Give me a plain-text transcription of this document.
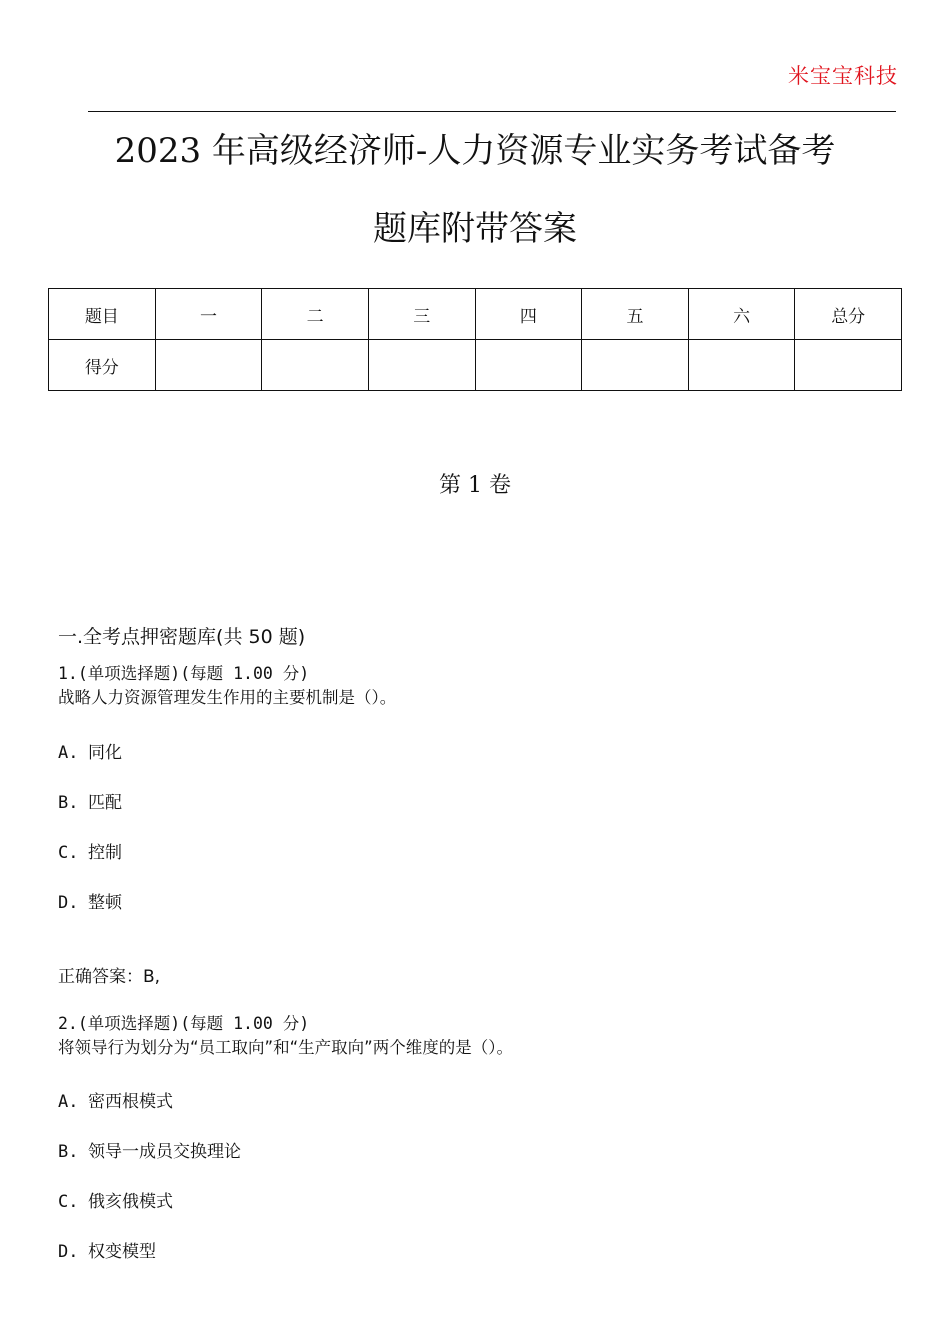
米宝宝科技
2023 年高级经济师-人力资源专业实务考试备考
题库附带答案
题目	一	二	三	四	五	六	总分
得分							
第 1 卷
一.全考点押密题库(共 50 题)
1.(单项选择题)(每题 1.00 分)
战略人力资源管理发生作用的主要机制是（）。
A. 同化
B. 匹配
C. 控制
D. 整顿
正确答案：B,
2.(单项选择题)(每题 1.00 分)
将领导行为划分为“员工取向”和“生产取向”两个维度的是（）。
A. 密西根模式
B. 领导一成员交换理论
C. 俄亥俄模式
D. 权变模型
